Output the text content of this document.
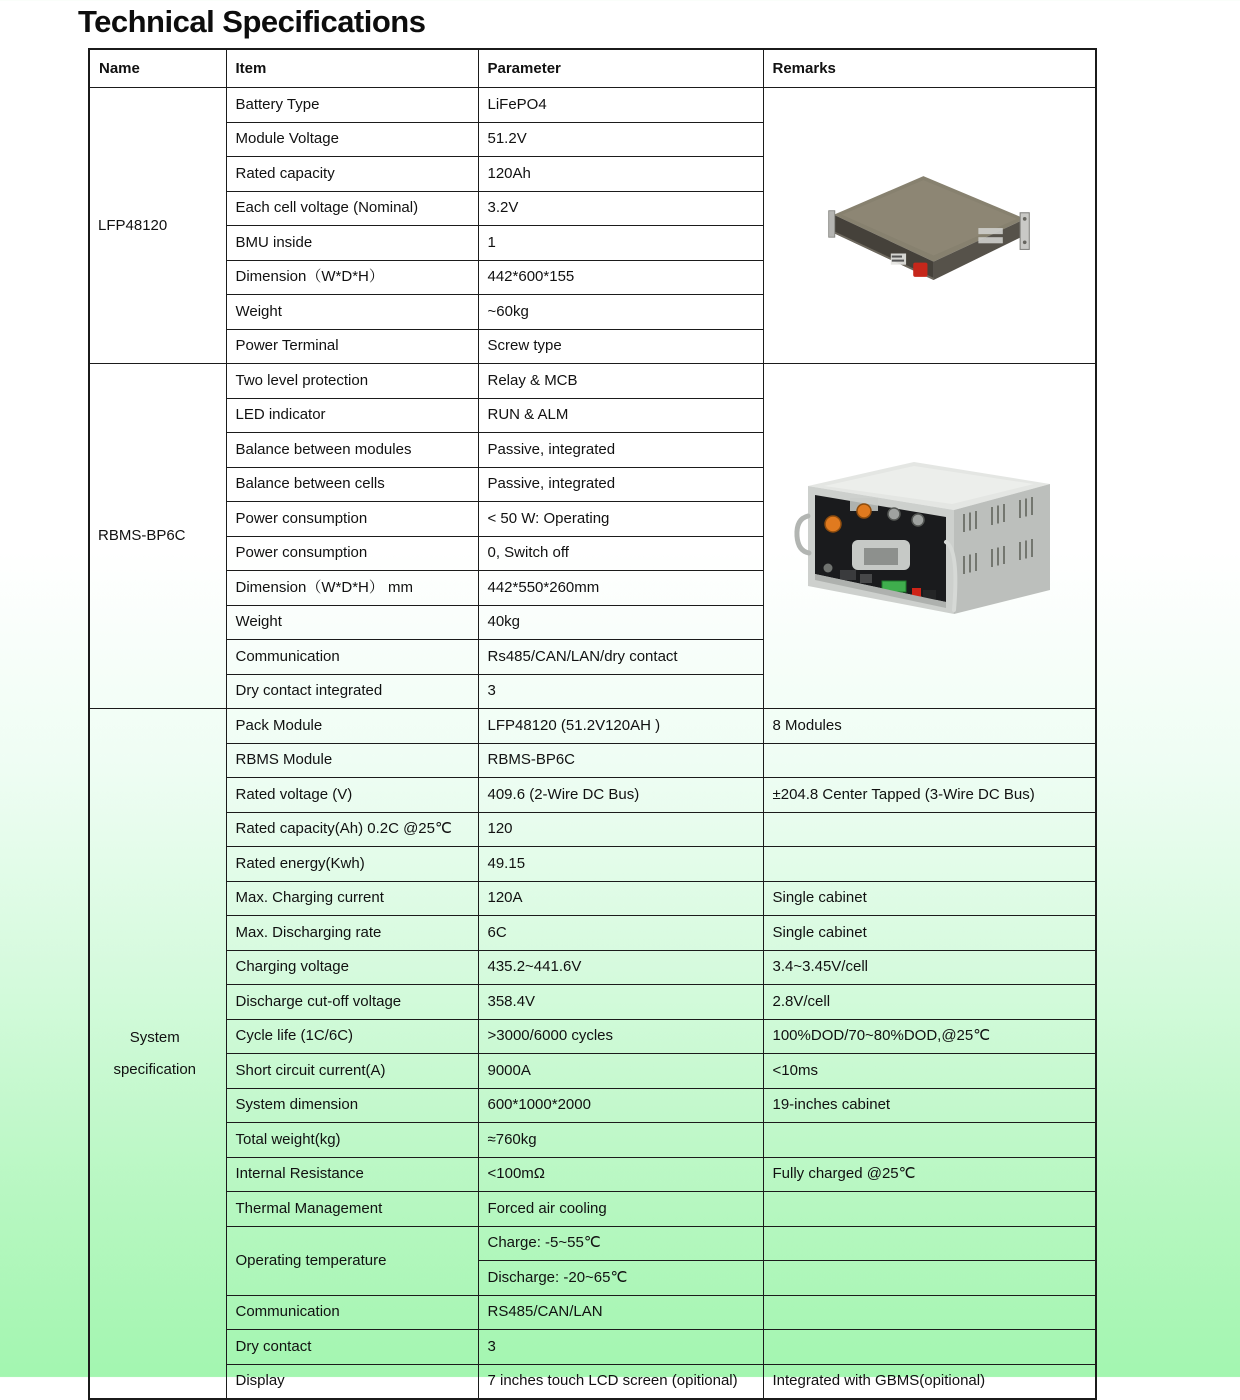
Technical Specifications
Name	Item	Parameter	Remarks

LFP48120	Battery Type	LiFePO4	
	Module Voltage	51.2V	
	Rated capacity	120Ah	
	Each cell voltage (Nominal)	3.2V	
	BMU inside	1	
	Dimension（W*D*H）	442*600*155	
	Weight	~60kg	
	Power Terminal	Screw type	

RBMS-BP6C	Two level protection	Relay & MCB	
	LED indicator	RUN & ALM	
	Balance between modules	Passive, integrated	
	Balance between cells	Passive, integrated	
	Power consumption	< 50 W: Operating	
	Power consumption	0, Switch off	
	Dimension（W*D*H） mm	442*550*260mm	
	Weight	40kg	
	Communication	Rs485/CAN/LAN/dry contact	
	Dry contact integrated	3	

System
specification	Pack Module	LFP48120 (51.2V120AH )	8 Modules
	RBMS Module	RBMS-BP6C	
	Rated voltage (V)	409.6 (2-Wire DC Bus)	±204.8 Center Tapped (3-Wire DC Bus)
	Rated capacity(Ah) 0.2C @25℃	120	
	Rated energy(Kwh)	49.15	
	Max. Charging current	120A	Single cabinet
	Max. Discharging rate	6C	Single cabinet
	Charging voltage	435.2~441.6V	3.4~3.45V/cell
	Discharge cut-off voltage	358.4V	2.8V/cell
	Cycle life (1C/6C)	>3000/6000 cycles	100%DOD/70~80%DOD,@25℃
	Short circuit current(A)	9000A	<10ms
	System dimension	600*1000*2000	19-inches cabinet
	Total weight(kg)	≈760kg	
	Internal Resistance	<100mΩ	Fully charged @25℃
	Thermal Management	Forced air cooling	
	Operating temperature	Charge: -5~55℃	
		Discharge: -20~65℃	
	Communication	RS485/CAN/LAN	
	Dry contact	3	
	Display	7 inches touch LCD screen (opitional)	Integrated with GBMS(opitional)
